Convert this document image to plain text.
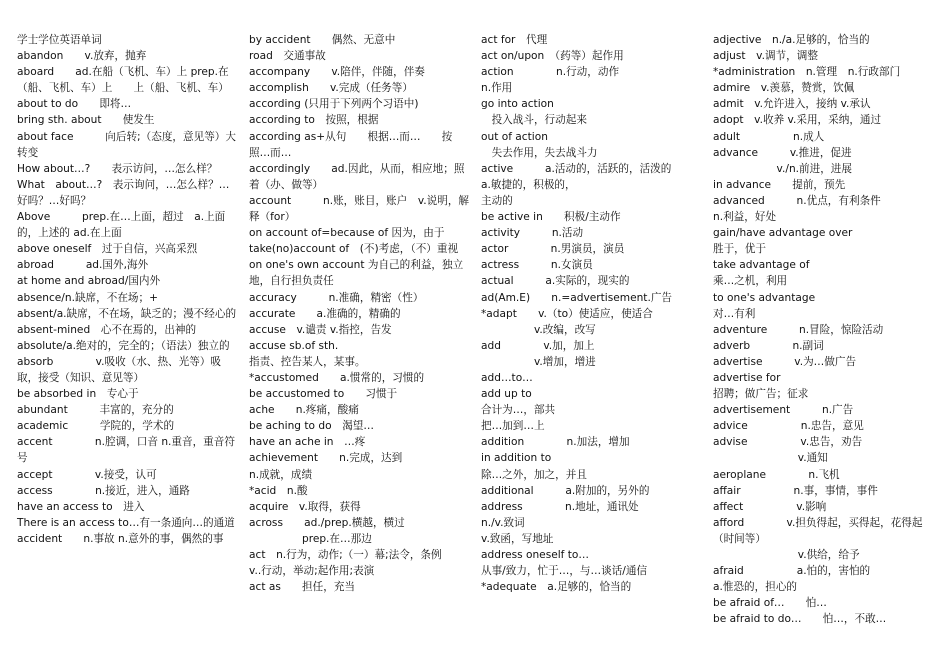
学士学位英语单词

abandon　　v.放弃，抛弃

aboard　　ad.在船（飞机、车）上 prep.在（船、飞机、车）上　　上（船、飞机、车）

about to do　　即将…

bring sth. about　　使发生

about face　　　向后转;（态度，意见等）大转变

How about…?　　表示访问，…怎么样？

What　about…?　表示询问，…怎么样？…好吗？…好吗？

Above　　　prep.在…上面，超过　a.上面的，上述的 ad.在上面

above oneself　过于自信，兴高采烈

abroad　　　ad.国外,海外

at home and abroad/国内外

absence/n.缺席，不在场；+

absent/a.缺席，不在场，缺乏的；漫不经心的

absent-mined　心不在焉的，出神的

absolute/a.绝对的，完全的；（语法）独立的

absorb　　　　v.吸收（水、热、光等）吸取，接受（知识、意见等）

be absorbed in　专心于

abundant　　　丰富的，充分的

academic　　　学院的，学术的

accent　　　　n.腔调，口音 n.重音，重音符号

accept　　　　v.接受，认可

access　　　　n.接近，进入，通路

have an access to　进入

There is an access to…有一条通向…的通道

accident　　n.事故 n.意外的事，偶然的事

by accident　　偶然、无意中

road　交通事故

accompany　　v.陪伴，伴随，伴奏

accomplish　　v.完成（任务等）

according (只用于下列两个习语中)

according to　按照，根据

according as+从句　　根据…而…　　按照…而…

accordingly　　ad.因此，从而，相应地；照着（办、做等）

account　　　n.账，账目，账户　v.说明，解释（for）

on account of=because of 因为，由于

take(no)account of　(不)考虑，（不）重视

on one's own account 为自己的利益，独立地，自行担负责任

accuracy　　　n.准确，精密（性）

accurate　　a.准确的，精确的

accuse　v.谴责 v.指控，告发

accuse sb.of sth.

指责、控告某人，某事。

*accustomed　　a.惯常的，习惯的

be accustomed to　　习惯于

ache　　n.疼痛，酸痛

be aching to do　渴望…

have an ache in　…疼

achievement　　n.完成，达到

n.成就，成绩

*acid　n.酸

acquire　v.取得，获得

across　　ad./prep.横越，横过

　　　　　prep.在…那边

act　n.行为，动作;（一）幕;法令，条例

v..行动，举动;起作用;表演

act as　　担任，充当

act for　代理

act on/upon　（药等）起作用

action　　　　n.行动，动作

n.作用

go into action

　投入战斗，行动起来

out of action

　失去作用，失去战斗力

active　　　a.活动的，活跃的，活泼的

a.敏捷的，积极的，

主动的

be active in　　积极/主动作

activity　　　n.活动

actor　　　　n.男演员，演员

actress　　　n.女演员

actual　　　a.实际的，现实的

ad(Am.E)　　n.=advertisement.广告

*adapt　　v.（to）使适应，使适合

　　　　　v.改编，改写

add　　　　v.加，加上

　　　　　v.增加，增进

add…to…

add up to

合计为…，部共

把…加到…上

addition　　　　n.加法，增加

in addition to

除…之外，加之，并且

additional　　　a.附加的，另外的

address　　　　n.地址，通讯处

n./v.致词

v.致函，写地址

address oneself to…

从事/致力，忙于…，与…谈话/通信

*adequate　a.足够的，恰当的

adjective　n./a.足够的，恰当的

adjust　v.调节，调整

*administration　n.管理　n.行政部门

admire　v.羡慕，赞赏，饮佩

admit　v.允许进入，接纳 v.承认

adopt　v.收养 v.采用，采纳，通过

adult　　　　　n.成人

advance　　　v.推进，促进

　　　　　　v./n.前进，进展

in advance　　提前，预先

advanced　　　n.优点，有利条件

n.利益，好处

gain/have advantage over

胜于，优于

take advantage of

乘…之机，利用

to one's advantage

对…有利

adventure　　　n.冒险，惊险活动

adverb　　　　n.副词

advertise　　　v.为…做广告

advertise for

招聘；做广告；征求

advertisement　　　n.广告

advice　　　　　n.忠告，意见

advise　　　　　v.忠告，劝告

　　　　　　　　v.通知

aeroplane　　　　n.飞机

affair　　　　　n.事，事情，事件

affect　　　　　v.影响

afford　　　　v.担负得起，买得起，花得起（时间等）

　　　　　　　　v.供给，给予

afraid　　　　　a.怕的，害怕的

a.惟恐的，担心的

be afraid of…　　怕…

be afraid to do…　　怕…，不敢…
